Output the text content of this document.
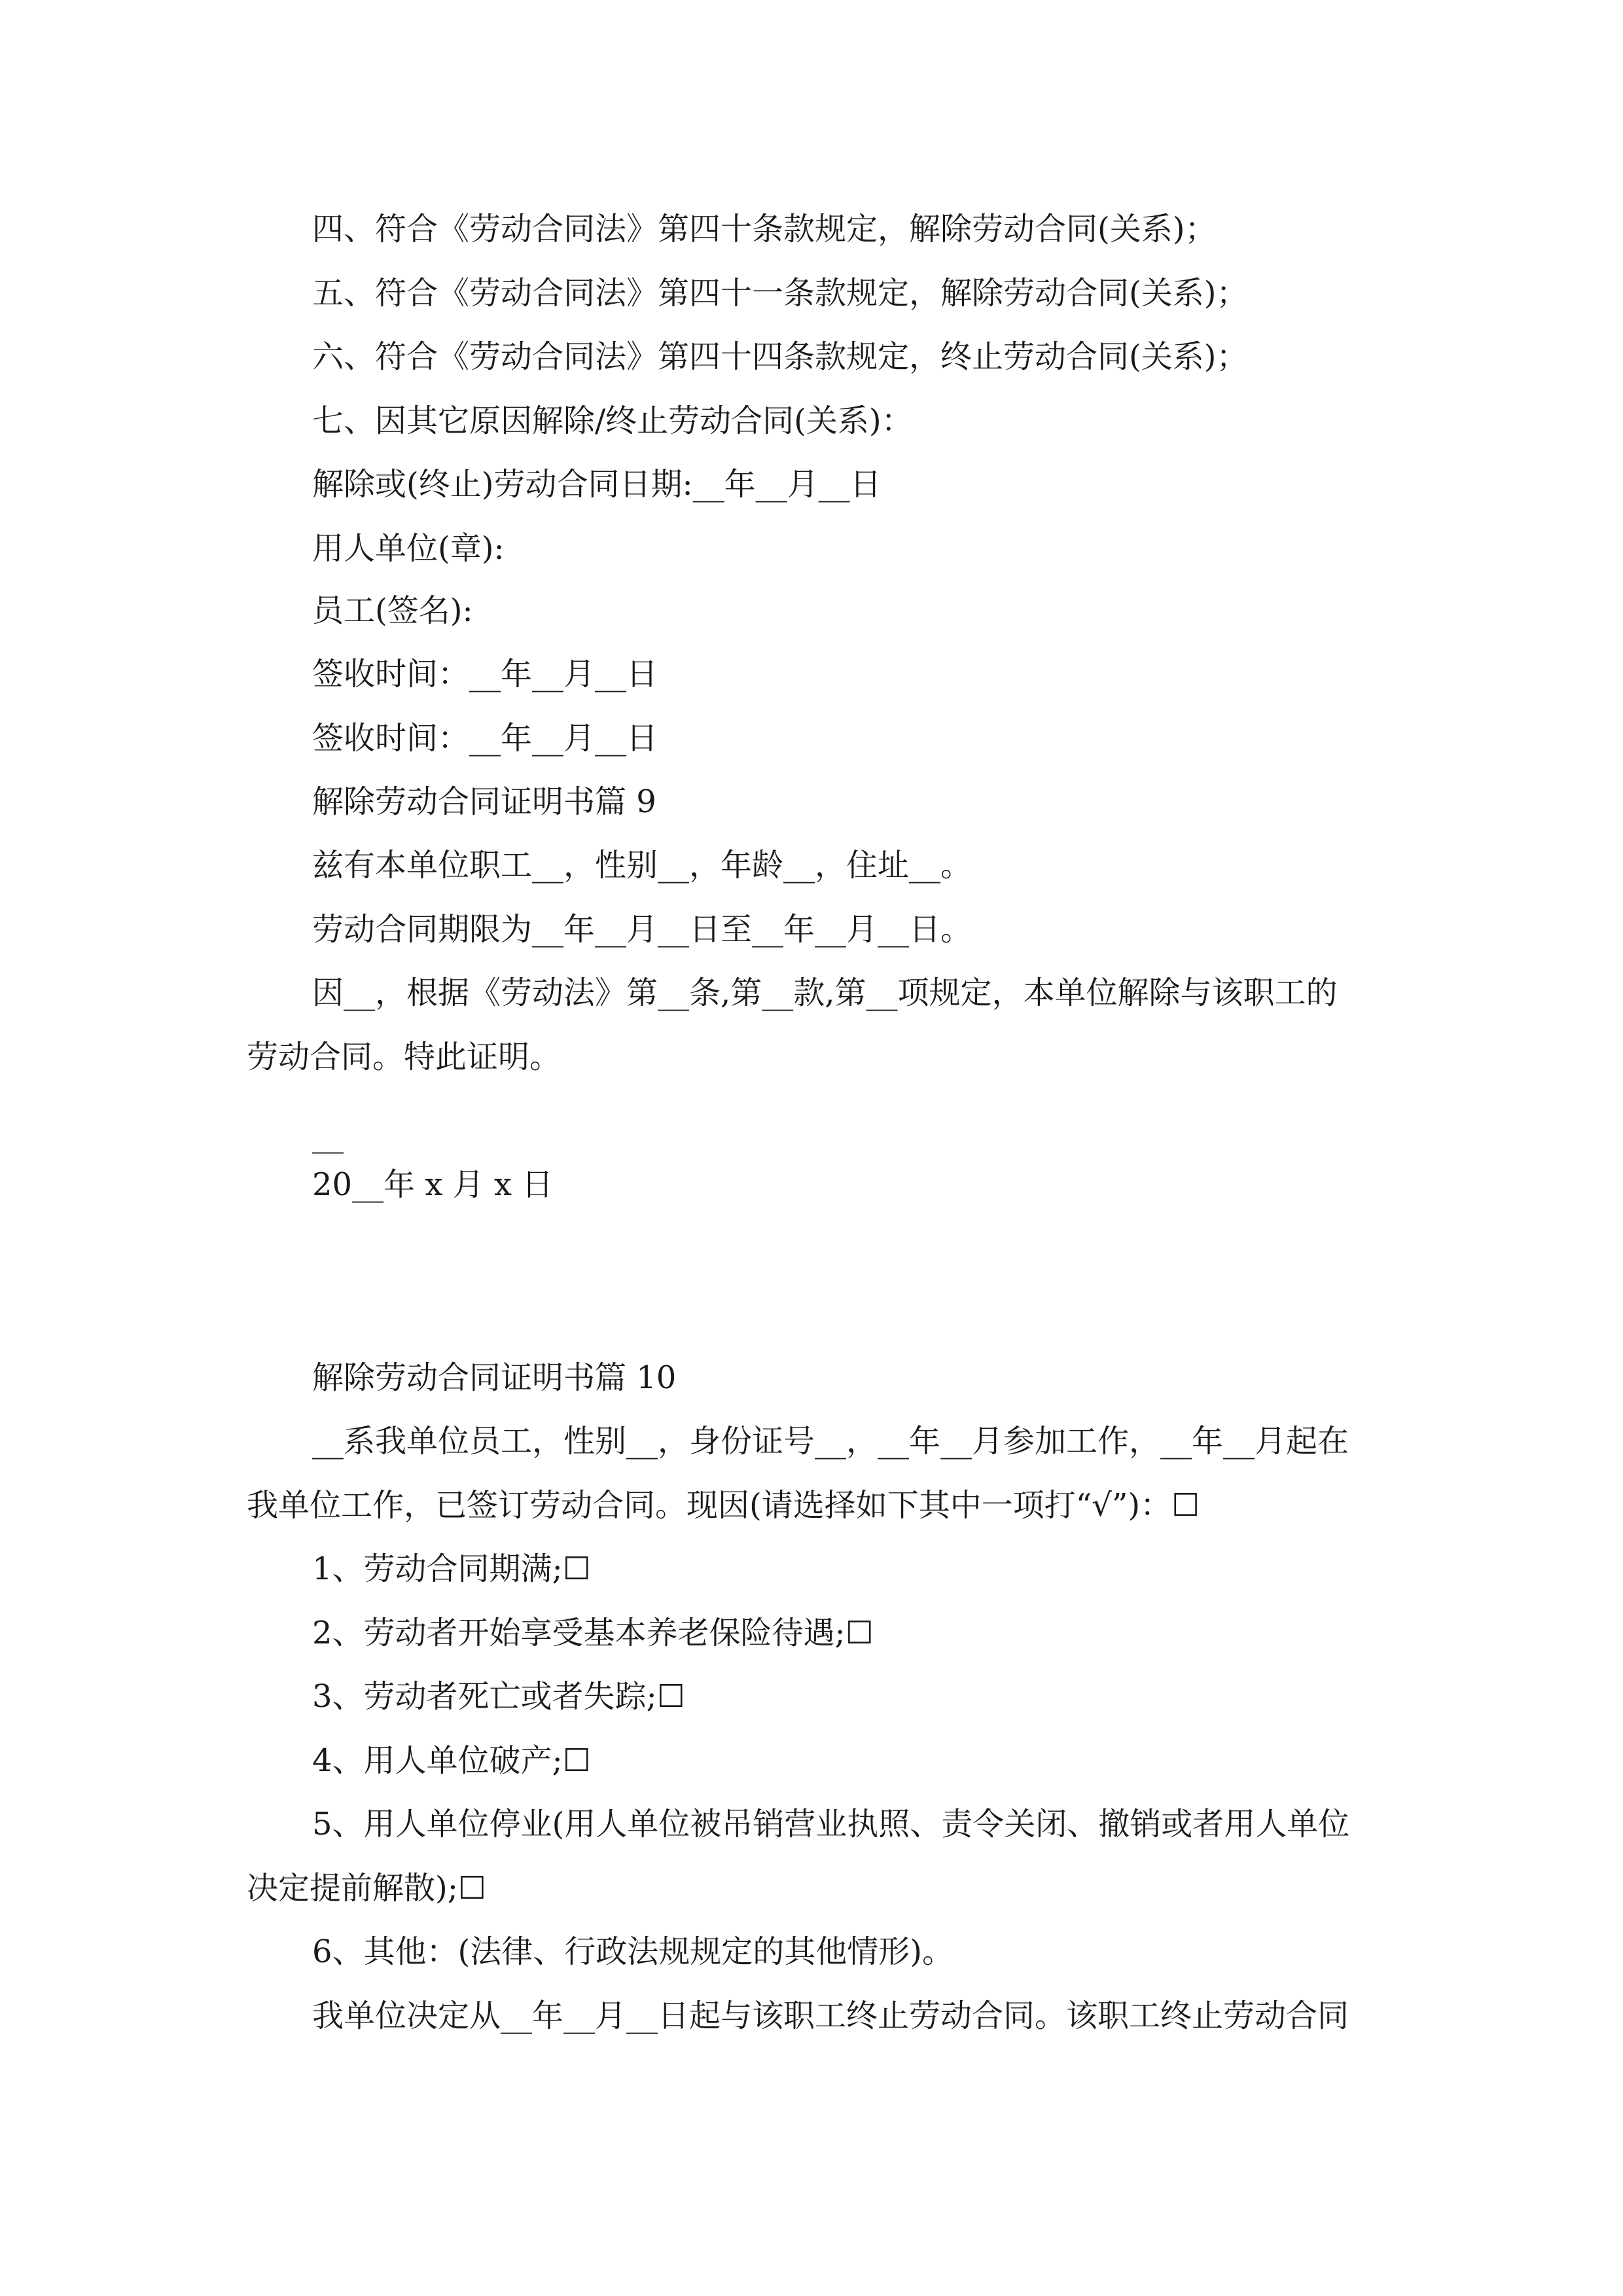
四、符合《劳动合同法》第四十条款规定，解除劳动合同(关系)；

五、符合《劳动合同法》第四十一条款规定，解除劳动合同(关系)；

六、符合《劳动合同法》第四十四条款规定，终止劳动合同(关系)；

七、因其它原因解除/终止劳动合同(关系)：

解除或(终止)劳动合同日期:__年__月__日

用人单位(章):

员工(签名):

签收时间：__年__月__日

签收时间：__年__月__日

解除劳动合同证明书篇 9

兹有本单位职工__，性别__，年龄__，住址__。

劳动合同期限为__年__月__日至__年__月__日。

因__，根据《劳动法》第__条,第__款,第__项规定，本单位解除与该职工的

劳动合同。特此证明。

__

20__年 x 月 x 日

解除劳动合同证明书篇 10

__系我单位员工，性别__，身份证号__，__年__月参加工作，__年__月起在

我单位工作，已签订劳动合同。现因(请选择如下其中一项打“√”)：☐

1、劳动合同期满;☐

2、劳动者开始享受基本养老保险待遇;☐

3、劳动者死亡或者失踪;☐

4、用人单位破产;☐

5、用人单位停业(用人单位被吊销营业执照、责令关闭、撤销或者用人单位

决定提前解散);☐

6、其他：(法律、行政法规规定的其他情形)。

我单位决定从__年__月__日起与该职工终止劳动合同。该职工终止劳动合同
